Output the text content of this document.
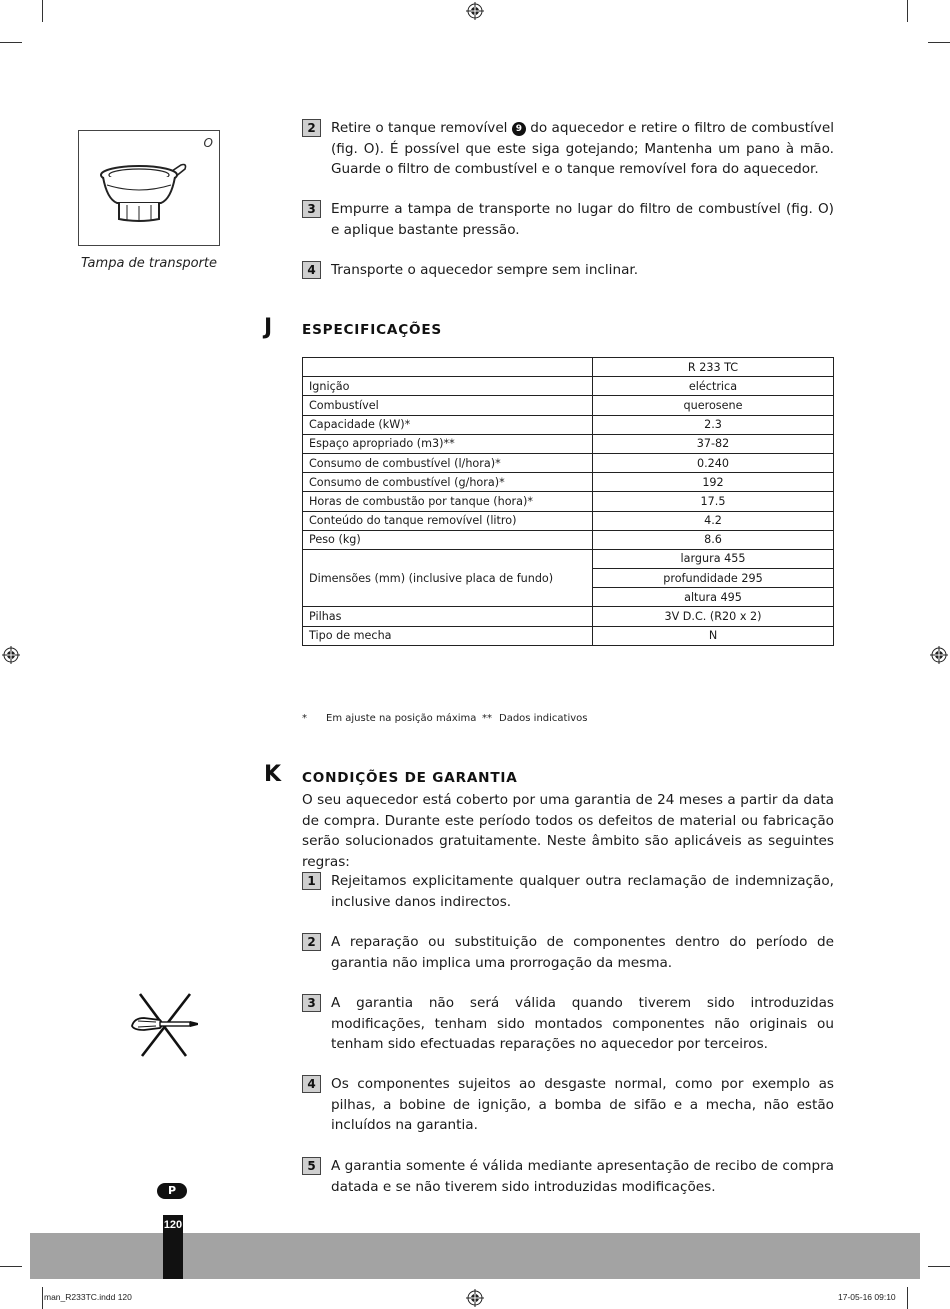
O
Tampa de transporte
2	Retire o tanque removível 9 do aquecedor e retire o filtro de combustível (fig. O). É possível que este siga gotejando; Mantenha um pano à mão. Guarde o filtro de combustível e o tanque removível fora do aquecedor.
3	Empurre a tampa de transporte no lugar do filtro de combustível (fig. O) e aplique bastante pressão.
4	Transporte o aquecedor sempre sem inclinar.
J ESPECIFICAÇÕES
	R 233 TC
Ignição	eléctrica
Combustível	querosene
Capacidade (kW)*	2.3
Espaço apropriado (m3)**	37-82
Consumo de combustível (l/hora)*	0.240
Consumo de combustível (g/hora)*	192
Horas de combustão por tanque (hora)*	17.5
Conteúdo do tanque removível (litro)	4.2
Peso (kg)	8.6
Dimensões (mm) (inclusive placa de fundo)	largura 455
	profundidade 295
	altura 495
Pilhas	3V D.C. (R20 x 2)
Tipo de mecha	N
* Em ajuste na posição máxima ** Dados indicativos
K CONDIÇÕES DE GARANTIA
O seu aquecedor está coberto por uma garantia de 24 meses a partir da data de compra. Durante este período todos os defeitos de material ou fabricação serão solucionados gratuitamente. Neste âmbito são aplicáveis as seguintes regras:
1	Rejeitamos explicitamente qualquer outra reclamação de indemnização, inclusive danos indirectos.
2	A reparação ou substituição de componentes dentro do período de garantia não implica uma prorrogação da mesma.
3	A garantia não será válida quando tiverem sido introduzidas modificações, tenham sido montados componentes não originais ou tenham sido efectuadas reparações no aquecedor por terceiros.
4	Os componentes sujeitos ao desgaste normal, como por exemplo as pilhas, a bobine de ignição, a bomba de sifão e a mecha, não estão incluídos na garantia.
5	A garantia somente é válida mediante apresentação de recibo de compra datada e se não tiverem sido introduzidas modificações.
120
P
man_R233TC.indd 120	17-05-16 09:10
